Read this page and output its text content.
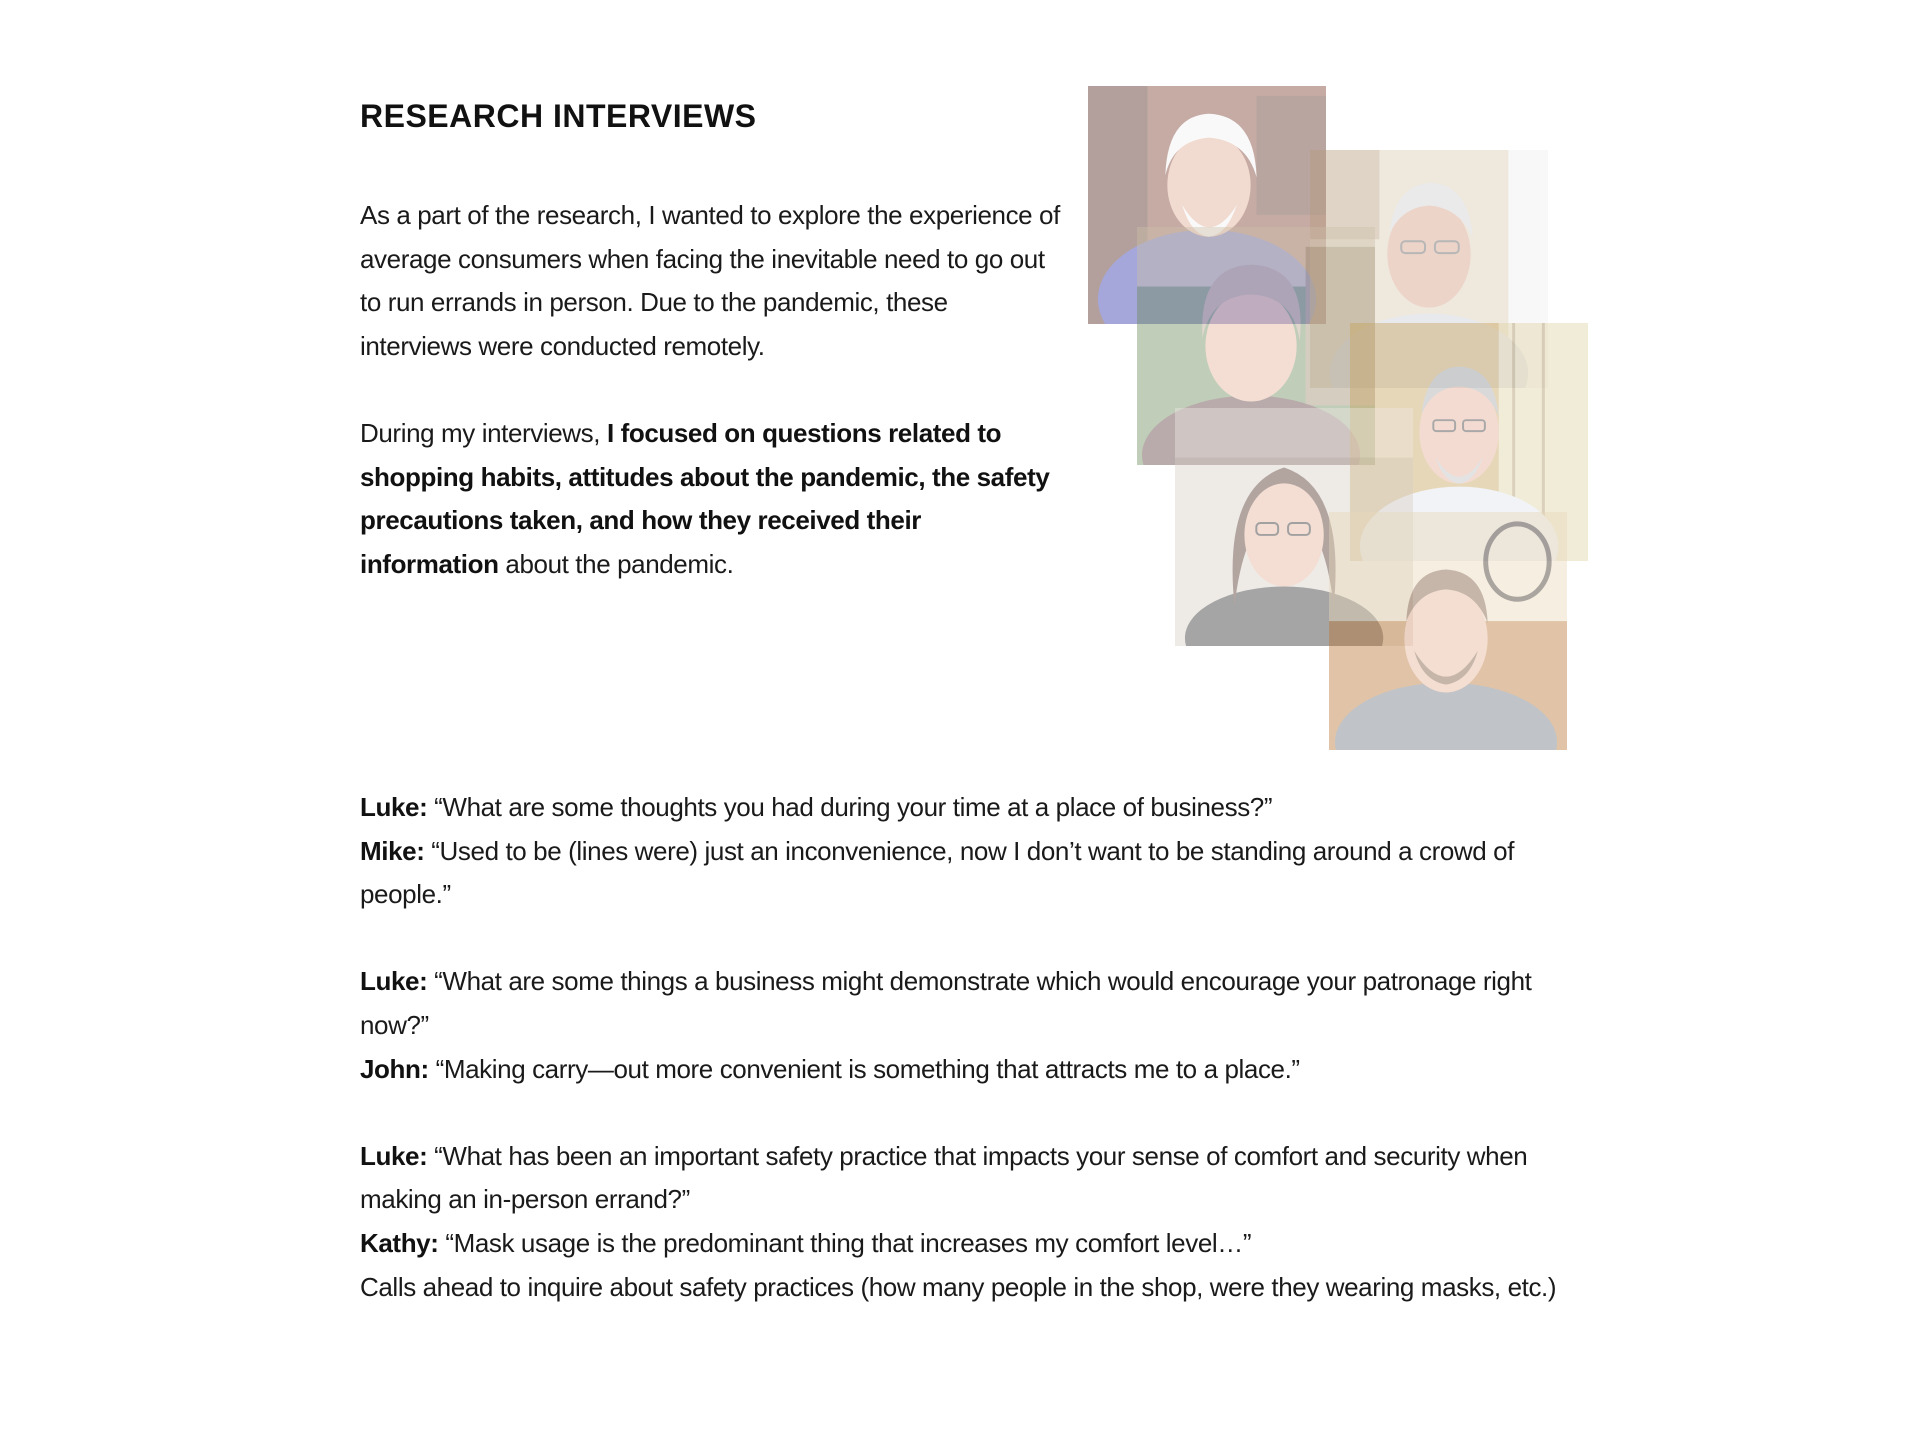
RESEARCH INTERVIEWS

As a part of the research, I wanted to explore the experience of average consumers when facing the inevitable need to go out to run errands in person. Due to the pandemic, these interviews were conducted remotely.

During my interviews, I focused on questions related to shopping habits, attitudes about the pandemic, the safety precautions taken, and how they received their information about the pandemic.

Luke: “What are some thoughts you had during your time at a place of business?”
Mike: “Used to be (lines were) just an inconvenience, now I don’t want to be standing around a crowd of people.”
Luke: “What are some things a business might demonstrate which would encourage your patronage right now?”
John: “Making carry—out more convenient is something that attracts me to a place.”
Luke: “What has been an important safety practice that impacts your sense of comfort and security when making an in-person errand?”
Kathy: “Mask usage is the predominant thing that increases my comfort level…”
Calls ahead to inquire about safety practices (how many people in the shop, were they wearing masks, etc.)
